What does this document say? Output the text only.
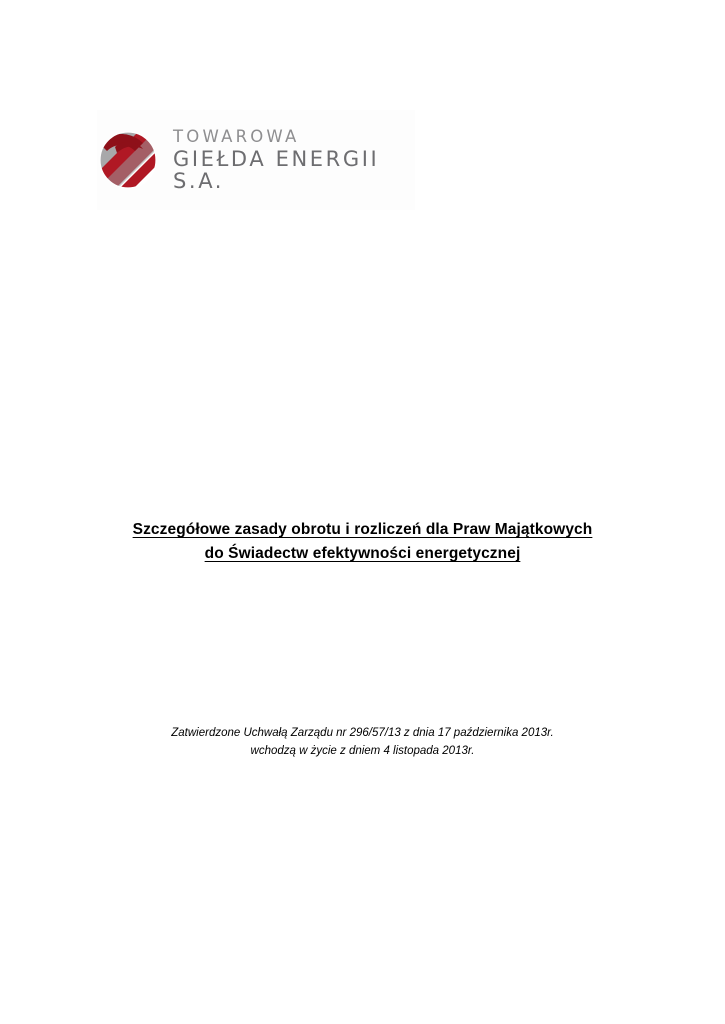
TOWAROWA
GIEŁDA ENERGII S.A.
Szczegółowe zasady obrotu i rozliczeń dla Praw Majątkowych
do Świadectw efektywności energetycznej
Zatwierdzone Uchwałą Zarządu nr 296/57/13 z dnia 17 października 2013r.
wchodzą w życie z dniem 4 listopada 2013r.
